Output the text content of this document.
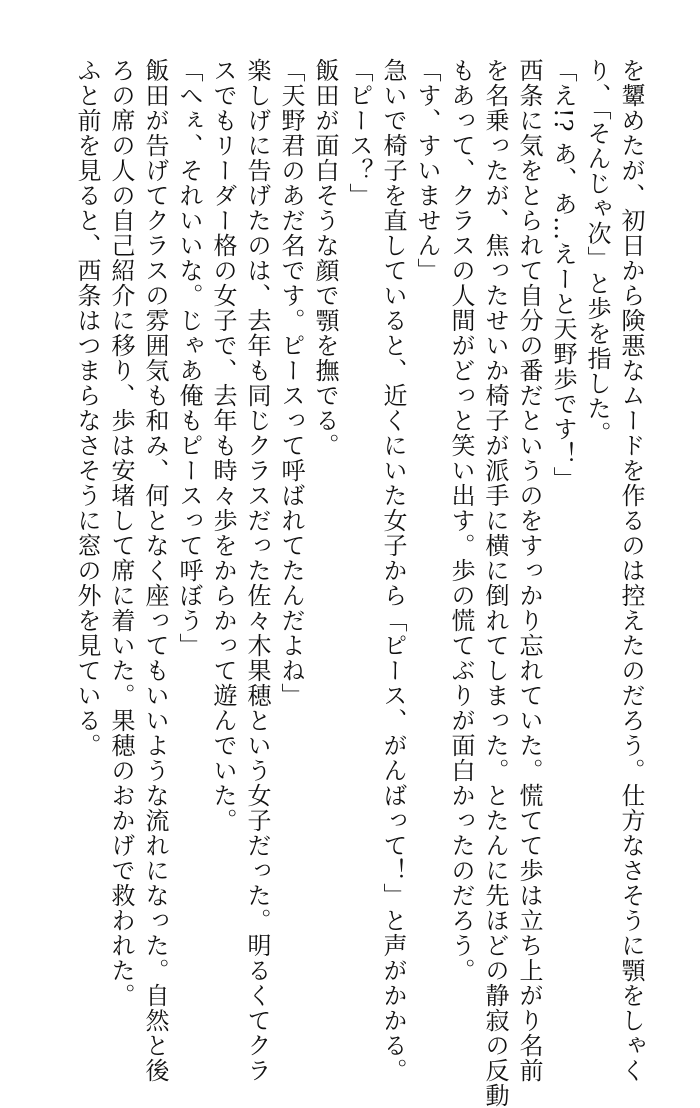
を顰めたが、初日から険悪なムードを作るのは控えたのだろう。仕方なさそうに顎をしゃく
り、「そんじゃ次」と歩を指した。
「え!? あ、あ…えーと天野歩です！」
西条に気をとられて自分の番だというのをすっかり忘れていた。慌てて歩は立ち上がり名前
を名乗ったが、焦ったせいか椅子が派手に横に倒れてしまった。とたんに先ほどの静寂の反動
もあって、クラスの人間がどっと笑い出す。歩の慌てぶりが面白かったのだろう。
「す、すいません」
急いで椅子を直していると、近くにいた女子から「ピース、がんばって！」と声がかかる。
「ピース？」
飯田が面白そうな顔で顎を撫でる。
「天野君のあだ名です。ピースって呼ばれてたんだよね」
楽しげに告げたのは、去年も同じクラスだった佐々木果穂という女子だった。明るくてクラ
スでもリーダー格の女子で、去年も時々歩をからかって遊んでいた。
「へぇ、それいいな。じゃあ俺もピースって呼ぼう」
飯田が告げてクラスの雰囲気も和み、何となく座ってもいいような流れになった。自然と後
ろの席の人の自己紹介に移り、歩は安堵して席に着いた。果穂のおかげで救われた。
ふと前を見ると、西条はつまらなさそうに窓の外を見ている。
